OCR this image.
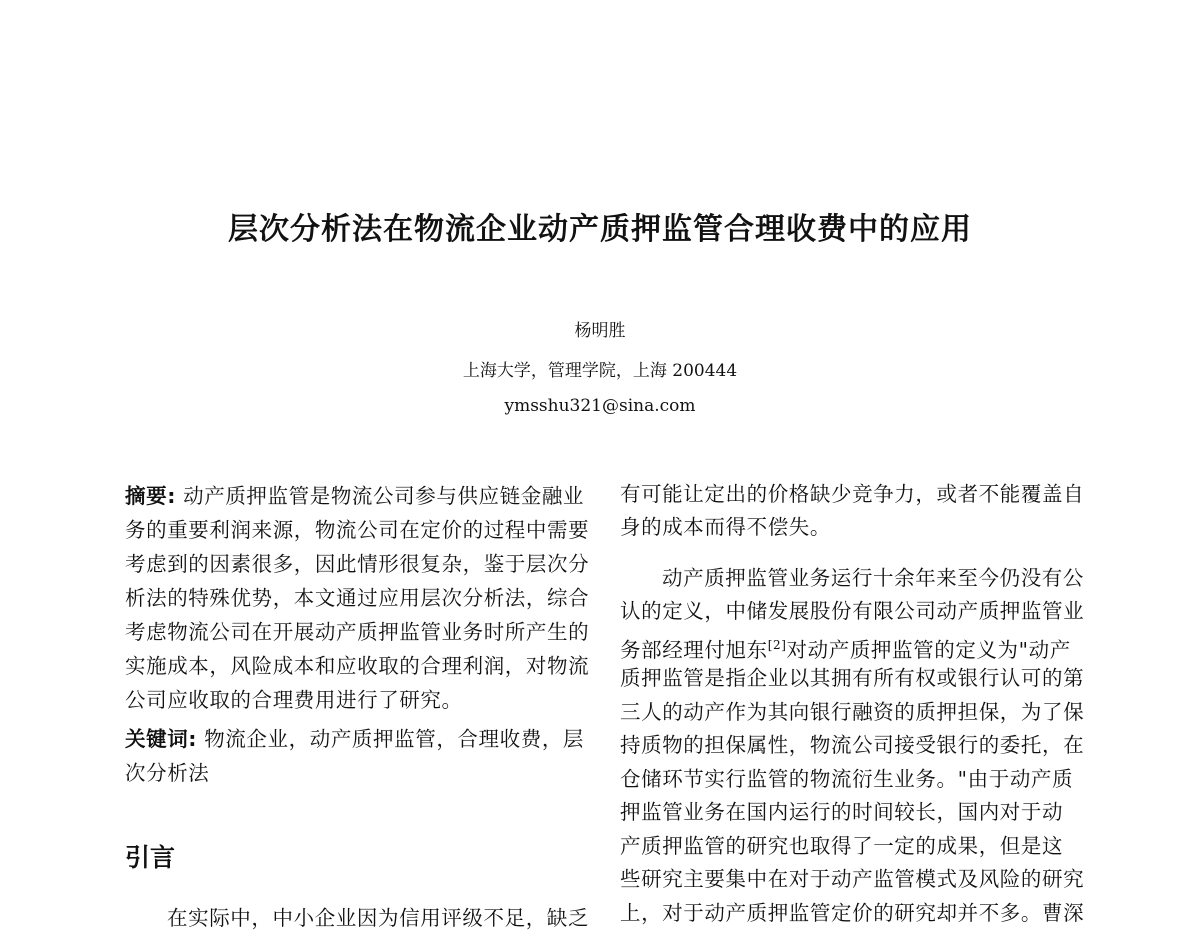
层次分析法在物流企业动产质押监管合理收费中的应用
杨明胜
上海大学，管理学院，上海 200444
ymsshu321@sina.com
摘要: 动产质押监管是物流公司参与供应链金融业
务的重要利润来源，物流公司在定价的过程中需要
考虑到的因素很多，因此情形很复杂，鉴于层次分
析法的特殊优势，本文通过应用层次分析法，综合
考虑物流公司在开展动产质押监管业务时所产生的
实施成本，风险成本和应收取的合理利润，对物流
公司应收取的合理费用进行了研究。
关键词: 物流企业，动产质押监管，合理收费，层
次分析法
在实际中，中小企业因为信用评级不足，缺乏
引言
有可能让定出的价格缺少竞争力，或者不能覆盖自
身的成本而得不偿失。
动产质押监管业务运行十余年来至今仍没有公
认的定义，中储发展股份有限公司动产质押监管业
务部经理付旭东[2]对动产质押监管的定义为"动产
质押监管是指企业以其拥有所有权或银行认可的第
三人的动产作为其向银行融资的质押担保，为了保
持质物的担保属性，物流公司接受银行的委托，在
仓储环节实行监管的物流衍生业务。"由于动产质
押监管业务在国内运行的时间较长，国内对于动
产质押监管的研究也取得了一定的成果，但是这
些研究主要集中在对于动产监管模式及风险的研究
上，对于动产质押监管定价的研究却并不多。曹深
